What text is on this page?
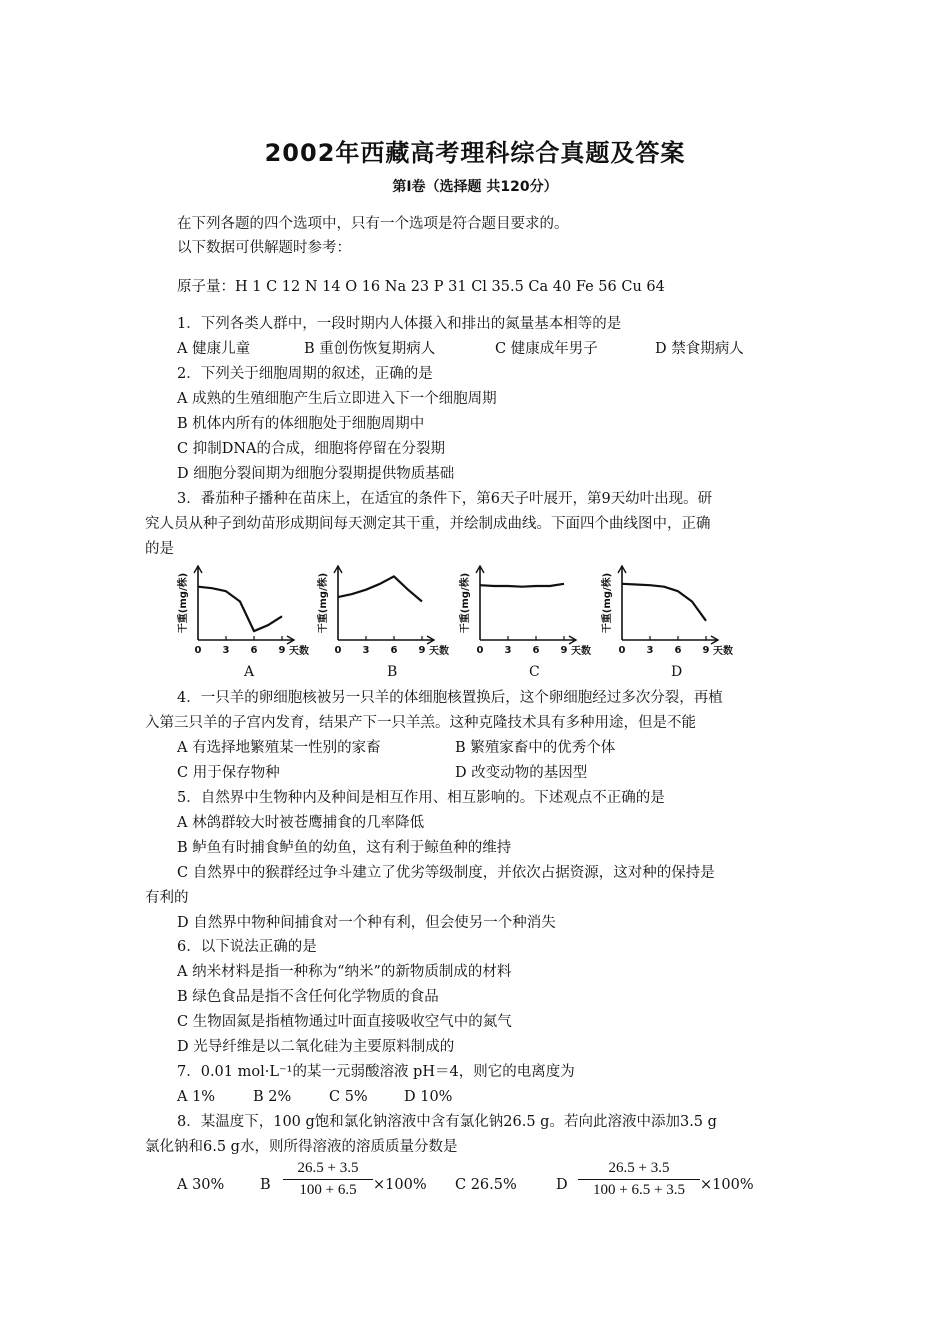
2002年西藏高考理科综合真题及答案
第I卷（选择题 共120分）
在下列各题的四个选项中，只有一个选项是符合题目要求的。
以下数据可供解题时参考：
原子量：H 1 C 12 N 14 O 16 Na 23 P 31 Cl 35.5 Ca 40 Fe 56 Cu 64
1．下列各类人群中，一段时期内人体摄入和排出的氮量基本相等的是
A 健康儿童	B 重创伤恢复期病人	C 健康成年男子	D 禁食期病人
2．下列关于细胞周期的叙述，正确的是
A 成熟的生殖细胞产生后立即进入下一个细胞周期
B 机体内所有的体细胞处于细胞周期中
C 抑制DNA的合成，细胞将停留在分裂期
D 细胞分裂间期为细胞分裂期提供物质基础
3．番茄种子播种在苗床上，在适宜的条件下，第6天子叶展开，第9天幼叶出现。研
究人员从种子到幼苗形成期间每天测定其干重，并绘制成曲线。下面四个曲线图中，正确
的是
0 3 6 9 天数
干重(mg/株)
0 3 6 9 天数
干重(mg/株)
0 3 6 9 天数
干重(mg/株)
0 3 6 9 天数
干重(mg/株)
A	B	C	D
4．一只羊的卵细胞核被另一只羊的体细胞核置换后，这个卵细胞经过多次分裂，再植
入第三只羊的子宫内发育，结果产下一只羊羔。这种克隆技术具有多种用途，但是不能
A 有选择地繁殖某一性别的家畜	B 繁殖家畜中的优秀个体
C 用于保存物种	D 改变动物的基因型
5．自然界中生物种内及种间是相互作用、相互影响的。下述观点不正确的是
A 林鸽群较大时被苍鹰捕食的几率降低
B 鲈鱼有时捕食鲈鱼的幼鱼，这有利于鲸鱼种的维持
C 自然界中的猴群经过争斗建立了优劣等级制度，并依次占据资源，这对种的保持是
有利的
D 自然界中物种间捕食对一个种有利，但会使另一个种消失
6．以下说法正确的是
A 纳米材料是指一种称为“纳米”的新物质制成的材料
B 绿色食品是指不含任何化学物质的食品
C 生物固氮是指植物通过叶面直接吸收空气中的氮气
D 光导纤维是以二氧化硅为主要原料制成的
7．0.01 mol·L⁻¹的某一元弱酸溶液 pH＝4，则它的电离度为
A 1%	B 2%	C 5%	D 10%
8．某温度下，100 g饱和氯化钠溶液中含有氯化钠26.5 g。若向此溶液中添加3.5 g
氯化钠和6.5 g水，则所得溶液的溶质质量分数是
A 30% B $\frac{26.5 + 3.5}{100 + 6.5} \times 100\%$ C 26.5%	D $\frac{26.5 + 3.5}{100 + 6.5 + 3.5} \times 100\%$
